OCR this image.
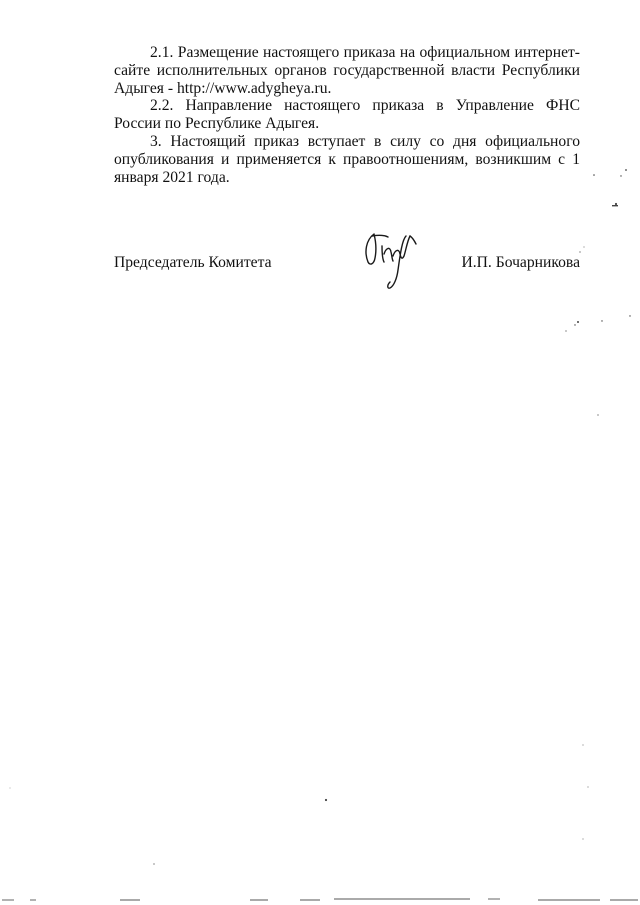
2.1. Размещение настоящего приказа на официальном интернет-сайте исполнительных органов государственной власти Республики Адыгея - http://www.adygheya.ru.

2.2. Направление настоящего приказа в Управление ФНС России по Республике Адыгея.

3. Настоящий приказ вступает в силу со дня официального опубликования и применяется к правоотношениям, возникшим с 1 января 2021 года.

Председатель Комитета	И.П. Бочарникова
